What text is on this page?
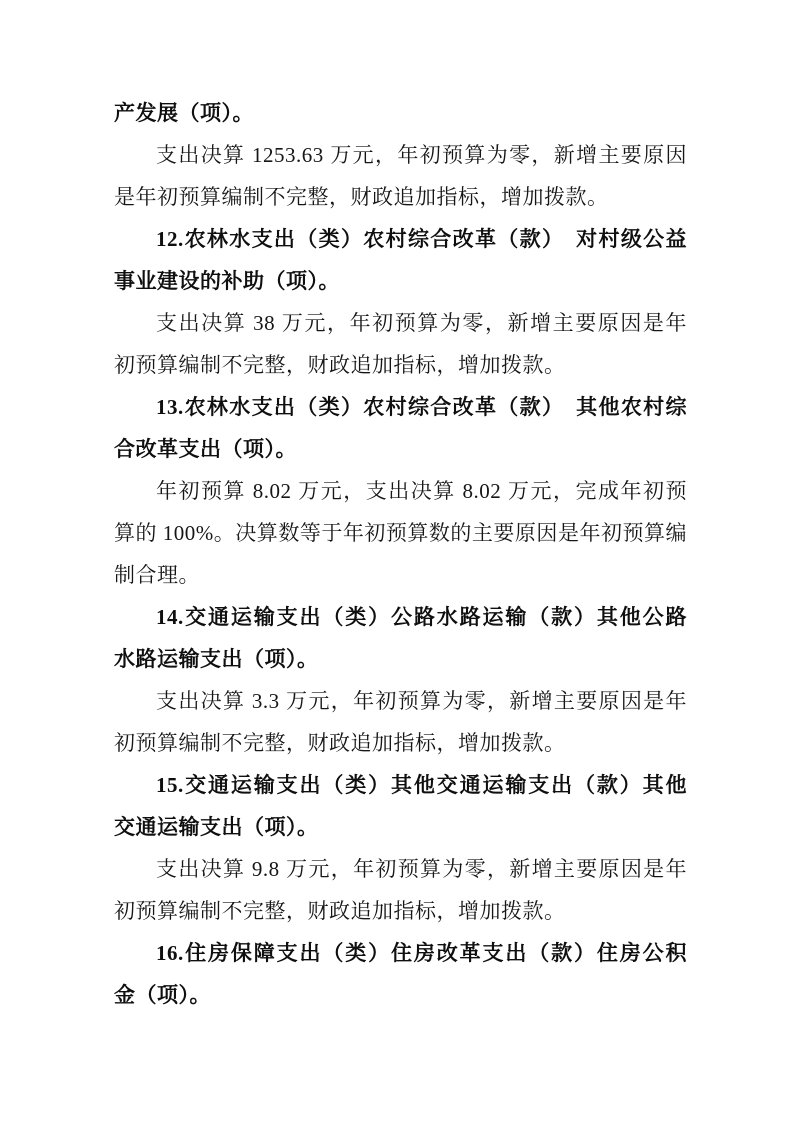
产发展（项）。
支出决算 1253.63 万元，年初预算为零，新增主要原因
是年初预算编制不完整，财政追加指标，增加拨款。
12.农林水支出（类）农村综合改革（款）　对村级公益
事业建设的补助（项）。
支出决算 38 万元，年初预算为零，新增主要原因是年
初预算编制不完整，财政追加指标，增加拨款。
13.农林水支出（类）农村综合改革（款）　其他农村综
合改革支出（项）。
年初预算 8.02 万元，支出决算 8.02 万元，完成年初预
算的 100%。决算数等于年初预算数的主要原因是年初预算编
制合理。
14.交通运输支出（类）公路水路运输（款）其他公路
水路运输支出（项）。
支出决算 3.3 万元，年初预算为零，新增主要原因是年
初预算编制不完整，财政追加指标，增加拨款。
15.交通运输支出（类）其他交通运输支出（款）其他
交通运输支出（项）。
支出决算 9.8 万元，年初预算为零，新增主要原因是年
初预算编制不完整，财政追加指标，增加拨款。
16.住房保障支出（类）住房改革支出（款）住房公积
金（项）。
